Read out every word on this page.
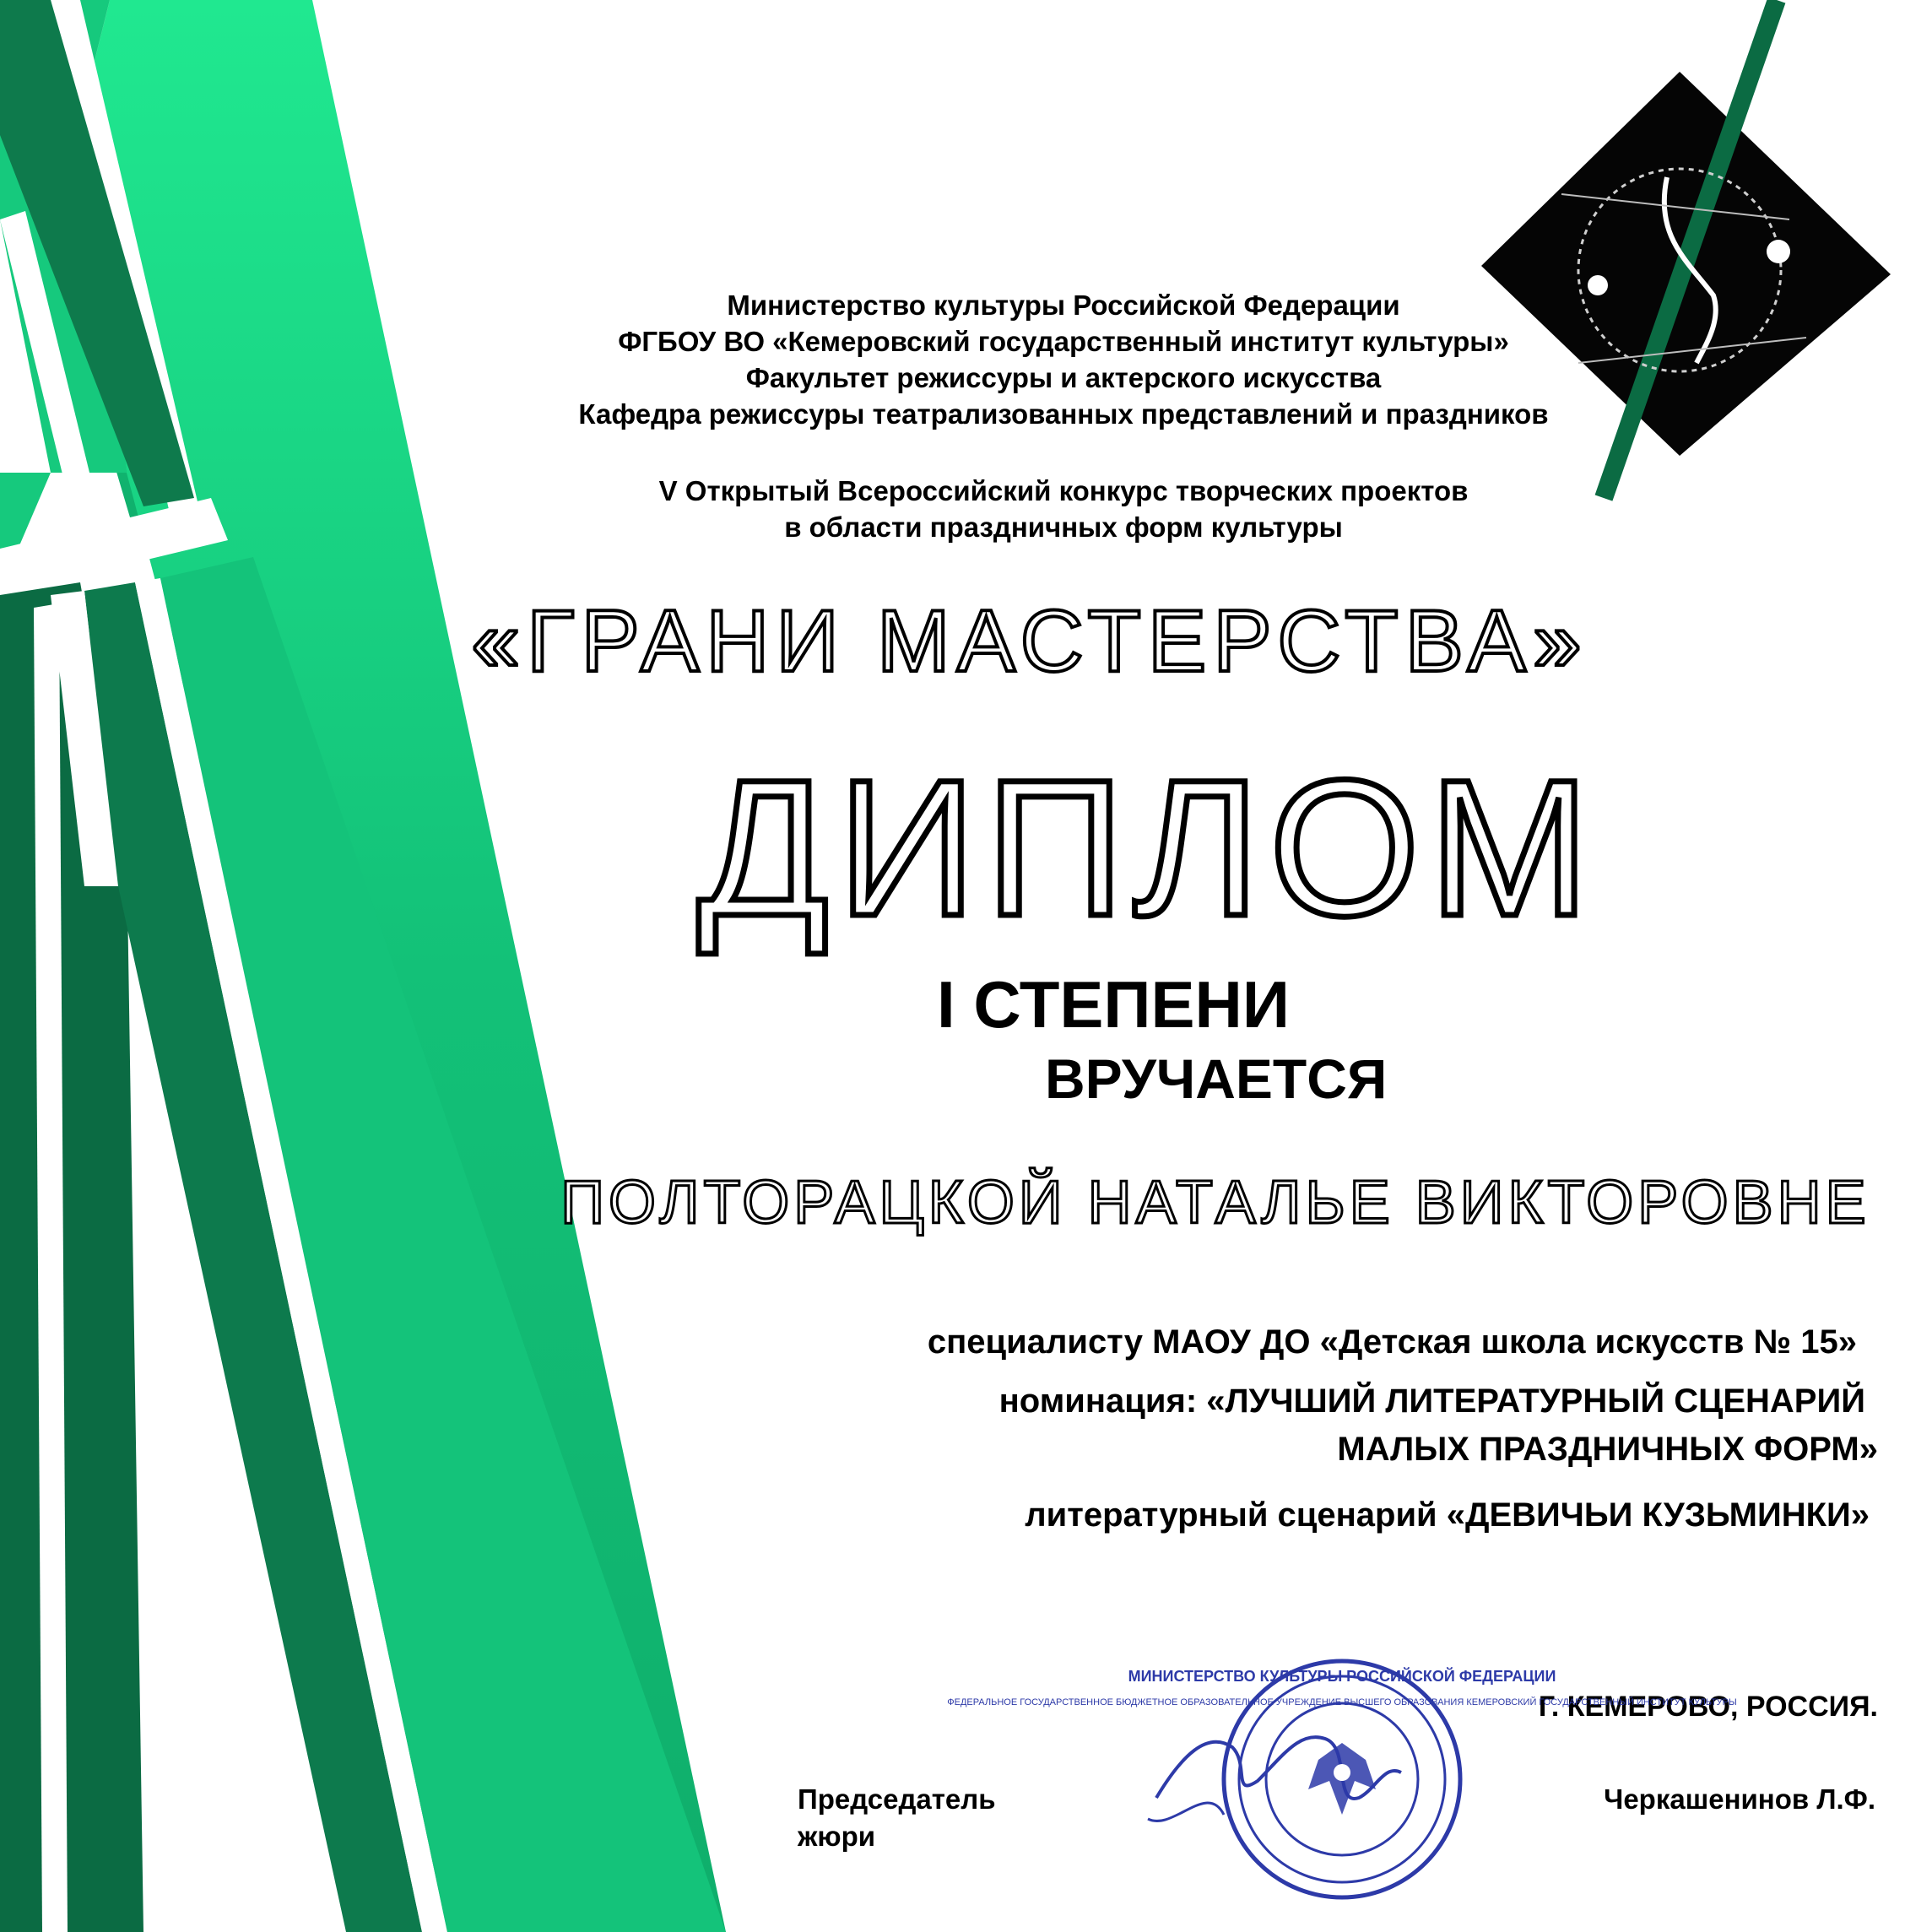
Министерство культуры Российской Федерации
ФГБОУ ВО «Кемеровский государственный институт культуры»
Факультет режиссуры и актерского искусства
Кафедра режиссуры театрализованных представлений и праздников
V Открытый Всероссийский конкурс творческих проектов
в области праздничных форм культуры
«ГРАНИ МАСТЕРСТВА»
ДИПЛОМ
I СТЕПЕНИ
ВРУЧАЕТСЯ
ПОЛТОРАЦКОЙ НАТАЛЬЕ ВИКТОРОВНЕ
специалисту МАОУ ДО «Детская школа искусств № 15»
номинация: «ЛУЧШИЙ ЛИТЕРАТУРНЫЙ СЦЕНАРИЙ
МАЛЫХ ПРАЗДНИЧНЫХ ФОРМ»
литературный сценарий «ДЕВИЧЬИ КУЗЬМИНКИ»
Г. КЕМЕРОВО, РОССИЯ.
Председатель
жюри
Черкашенинов Л.Ф.
МИНИСТЕРСТВО КУЛЬТУРЫ РОССИЙСКОЙ ФЕДЕРАЦИИ
ФЕДЕРАЛЬНОЕ ГОСУДАРСТВЕННОЕ БЮДЖЕТНОЕ ОБРАЗОВАТЕЛЬНОЕ УЧРЕЖДЕНИЕ ВЫСШЕГО ОБРАЗОВАНИЯ КЕМЕРОВСКИЙ ГОСУДАРСТВЕННЫЙ ИНСТИТУТ КУЛЬТУРЫ
